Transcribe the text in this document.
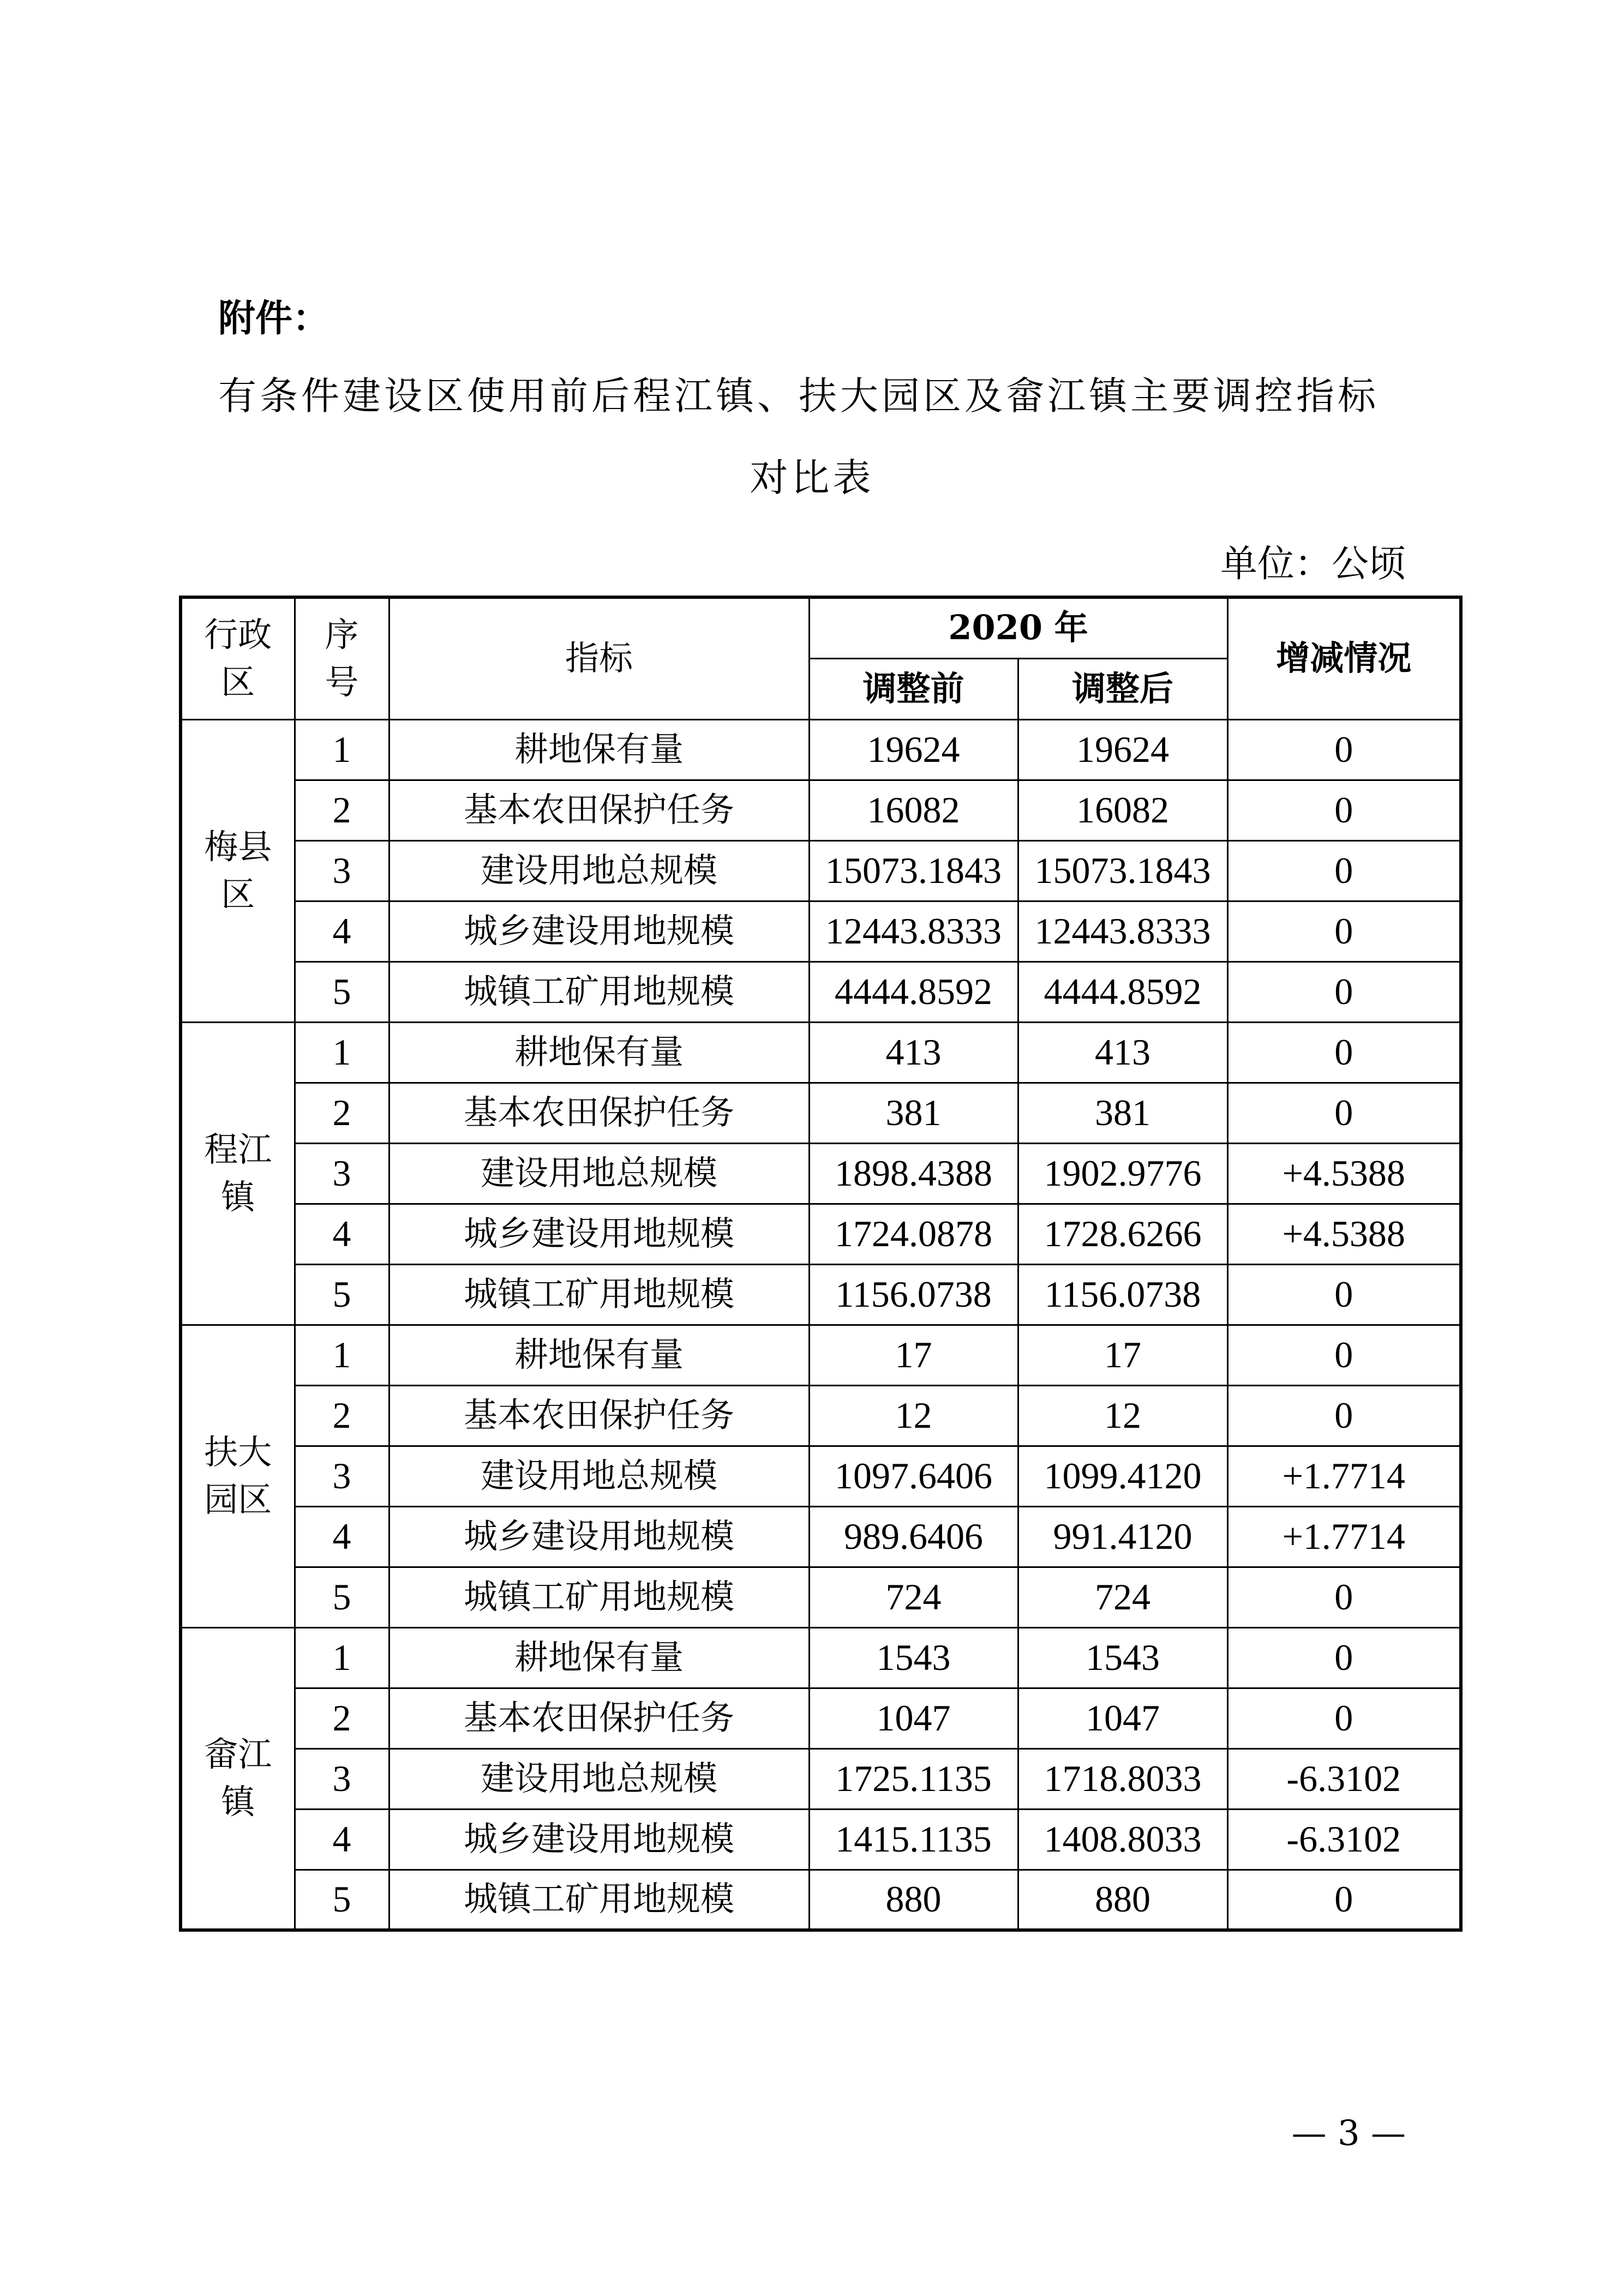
附件：
有条件建设区使用前后程江镇、扶大园区及畲江镇主要调控指标
对比表
单位：公顷
行政
区	序
号	指标	2020 年		增减情况
			调整前	调整后	
梅县
区	1	耕地保有量	19624	19624	0
	2	基本农田保护任务	16082	16082	0
	3	建设用地总规模	15073.1843	15073.1843	0
	4	城乡建设用地规模	12443.8333	12443.8333	0
	5	城镇工矿用地规模	4444.8592	4444.8592	0
程江
镇	1	耕地保有量	413	413	0
	2	基本农田保护任务	381	381	0
	3	建设用地总规模	1898.4388	1902.9776	+4.5388
	4	城乡建设用地规模	1724.0878	1728.6266	+4.5388
	5	城镇工矿用地规模	1156.0738	1156.0738	0
扶大
园区	1	耕地保有量	17	17	0
	2	基本农田保护任务	12	12	0
	3	建设用地总规模	1097.6406	1099.4120	+1.7714
	4	城乡建设用地规模	989.6406	991.4120	+1.7714
	5	城镇工矿用地规模	724	724	0
畲江
镇	1	耕地保有量	1543	1543	0
	2	基本农田保护任务	1047	1047	0
	3	建设用地总规模	1725.1135	1718.8033	-6.3102
	4	城乡建设用地规模	1415.1135	1408.8033	-6.3102
	5	城镇工矿用地规模	880	880	0
— 3 —
